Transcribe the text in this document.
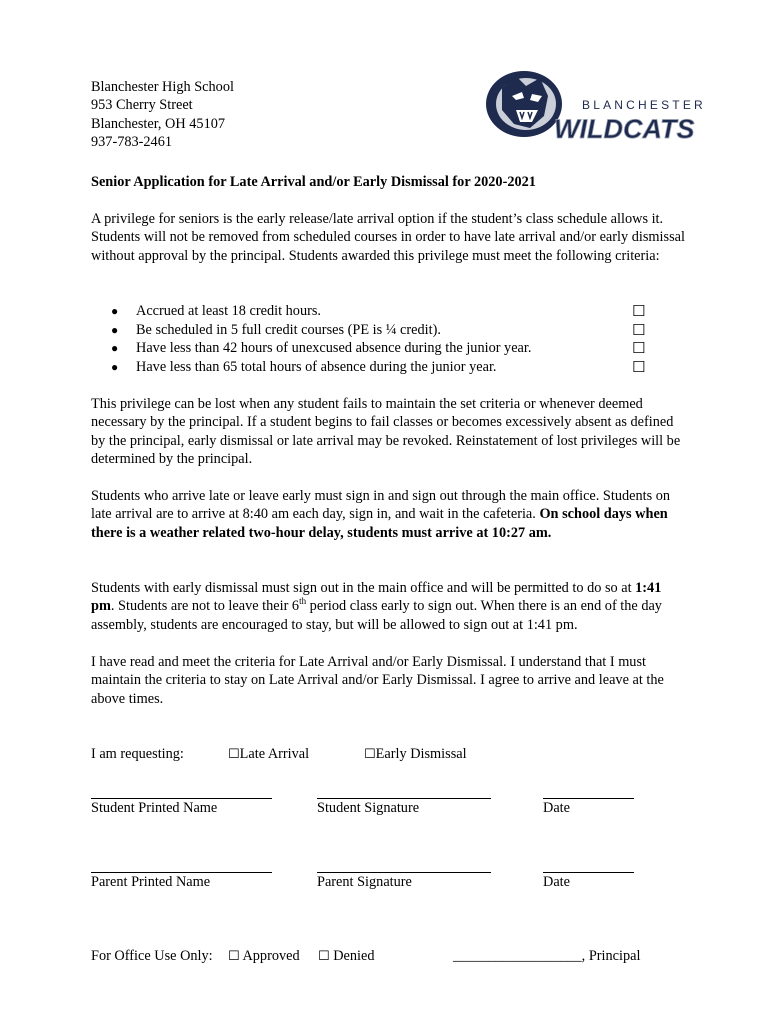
Blanchester High School
953 Cherry Street
Blanchester, OH 45107
937-783-2461
BLANCHESTER
WILDCATS
Senior Application for Late Arrival and/or Early Dismissal for 2020-2021
A privilege for seniors is the early release/late arrival option if the student’s class schedule allows it. Students will not be removed from scheduled courses in order to have late arrival and/or early dismissal without approval by the principal. Students awarded this privilege must meet the following criteria:
● Accrued at least 18 credit hours.	☐
● Be scheduled in 5 full credit courses (PE is ¼ credit).	☐
● Have less than 42 hours of unexcused absence during the junior year.	☐
● Have less than 65 total hours of absence during the junior year.	☐
This privilege can be lost when any student fails to maintain the set criteria or whenever deemed necessary by the principal. If a student begins to fail classes or becomes excessively absent as defined by the principal, early dismissal or late arrival may be revoked. Reinstatement of lost privileges will be determined by the principal.
Students who arrive late or leave early must sign in and sign out through the main office. Students on late arrival are to arrive at 8:40 am each day, sign in, and wait in the cafeteria. On school days when there is a weather related two-hour delay, students must arrive at 10:27 am.
Students with early dismissal must sign out in the main office and will be permitted to do so at 1:41 pm. Students are not to leave their 6th period class early to sign out. When there is an end of the day assembly, students are encouraged to stay, but will be allowed to sign out at 1:41 pm.
I have read and meet the criteria for Late Arrival and/or Early Dismissal. I understand that I must maintain the criteria to stay on Late Arrival and/or Early Dismissal. I agree to arrive and leave at the above times.
I am requesting:	☐Late Arrival	☐Early Dismissal
Student Printed Name	Student Signature	Date
Parent Printed Name	Parent Signature	Date
For Office Use Only: ☐ Approved ☐ Denied	__________________, Principal
